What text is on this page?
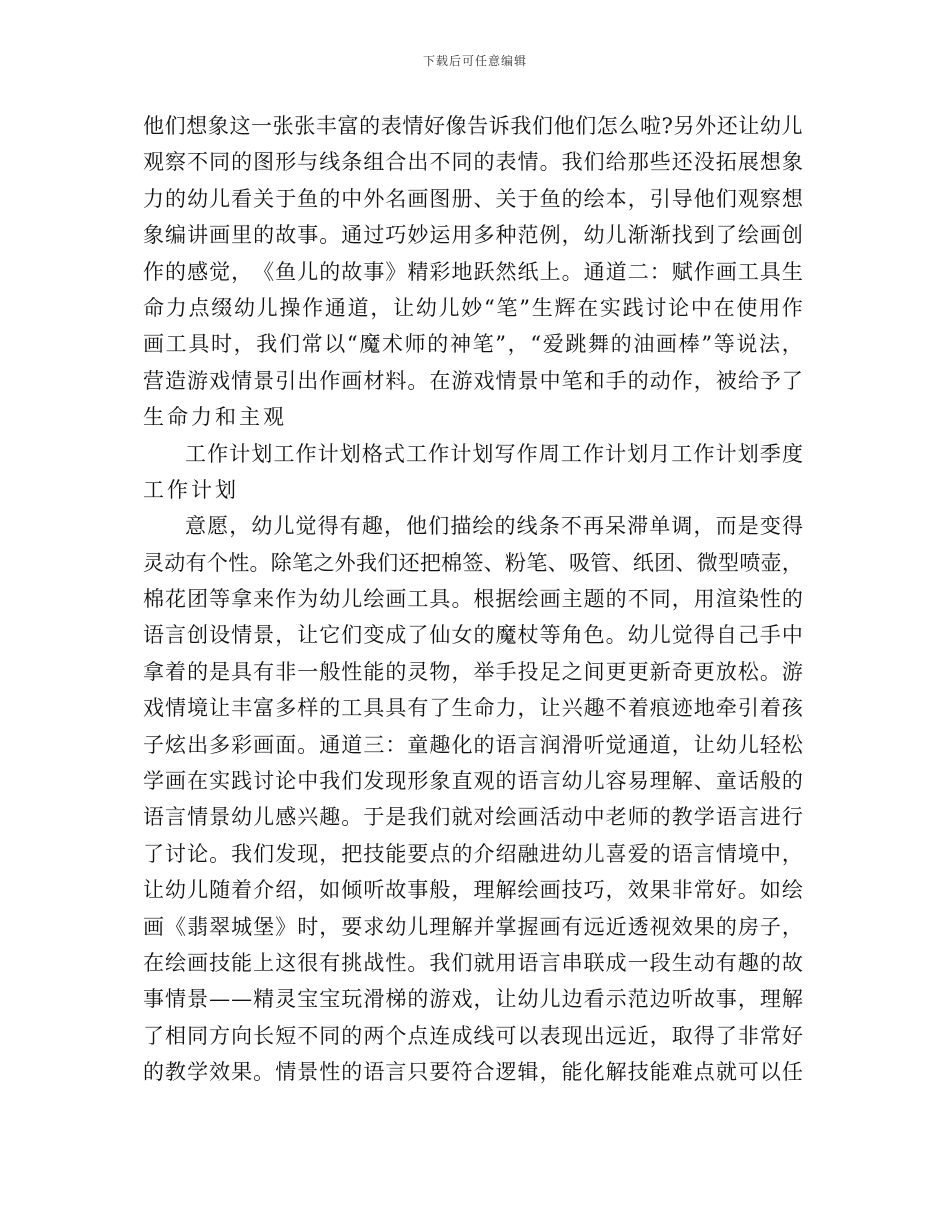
下载后可任意编辑
他 们 想 象 这 一 张 张 丰 富 的 表 情 好 像 告 诉 我 们 他 们 怎 么 啦 ? 另 外 还 让 幼 儿
观 察 不 同 的 图 形 与 线 条 组 合 出 不 同 的 表 情 。 我 们 给 那 些 还 没 拓 展 想 象
力 的 幼 儿 看 关 于 鱼 的 中 外 名 画 图 册 、 关 于 鱼 的 绘 本 ， 引 导 他 们 观 察 想
象 编 讲 画 里 的 故 事 。 通 过 巧 妙 运 用 多 种 范 例 ， 幼 儿 渐 渐 找 到 了 绘 画 创
作 的 感 觉 ， 《 鱼 儿 的 故 事 》 精 彩 地 跃 然 纸 上 。 通 道 二 ： 赋 作 画 工 具 生
命 力 点 缀 幼 儿 操 作 通 道 ， 让 幼 儿 妙 “ 笔 ” 生 辉 在 实 践 讨 论 中 在 使 用 作
画 工 具 时 ， 我 们 常 以 “ 魔 术 师 的 神 笔 ” ， “ 爱 跳 舞 的 油 画 棒 ” 等 说 法 ，
营 造 游 戏 情 景 引 出 作 画 材 料 。 在 游 戏 情 景 中 笔 和 手 的 动 作 ， 被 给 予 了
生命力和主观
工 作 计 划 工 作 计 划 格 式 工 作 计 划 写 作 周 工 作 计 划 月 工 作 计 划 季 度
工作计划
意 愿 ， 幼 儿 觉 得 有 趣 ， 他 们 描 绘 的 线 条 不 再 呆 滞 单 调 ， 而 是 变 得
灵 动 有 个 性 。 除 笔 之 外 我 们 还 把 棉 签 、 粉 笔 、 吸 管 、 纸 团 、 微 型 喷 壶 ，
棉 花 团 等 拿 来 作 为 幼 儿 绘 画 工 具 。 根 据 绘 画 主 题 的 不 同 ， 用 渲 染 性 的
语 言 创 设 情 景 ， 让 它 们 变 成 了 仙 女 的 魔 杖 等 角 色 。 幼 儿 觉 得 自 己 手 中
拿 着 的 是 具 有 非 一 般 性 能 的 灵 物 ， 举 手 投 足 之 间 更 更 新 奇 更 放 松 。 游
戏 情 境 让 丰 富 多 样 的 工 具 具 有 了 生 命 力 ， 让 兴 趣 不 着 痕 迹 地 牵 引 着 孩
子 炫 出 多 彩 画 面 。 通 道 三 ： 童 趣 化 的 语 言 润 滑 听 觉 通 道 ， 让 幼 儿 轻 松
学 画 在 实 践 讨 论 中 我 们 发 现 形 象 直 观 的 语 言 幼 儿 容 易 理 解 、 童 话 般 的
语 言 情 景 幼 儿 感 兴 趣 。 于 是 我 们 就 对 绘 画 活 动 中 老 师 的 教 学 语 言 进 行
了 讨 论 。 我 们 发 现 ， 把 技 能 要 点 的 介 绍 融 进 幼 儿 喜 爱 的 语 言 情 境 中 ，
让 幼 儿 随 着 介 绍 ， 如 倾 听 故 事 般 ， 理 解 绘 画 技 巧 ， 效 果 非 常 好 。 如 绘
画 《 翡 翠 城 堡 》 时 ， 要 求 幼 儿 理 解 并 掌 握 画 有 远 近 透 视 效 果 的 房 子 ，
在 绘 画 技 能 上 这 很 有 挑 战 性 。 我 们 就 用 语 言 串 联 成 一 段 生 动 有 趣 的 故
事 情 景 — — 精 灵 宝 宝 玩 滑 梯 的 游 戏 ， 让 幼 儿 边 看 示 范 边 听 故 事 ， 理 解
了 相 同 方 向 长 短 不 同 的 两 个 点 连 成 线 可 以 表 现 出 远 近 ， 取 得 了 非 常 好
的 教 学 效 果 。 情 景 性 的 语 言 只 要 符 合 逻 辑 ， 能 化 解 技 能 难 点 就 可 以 任
